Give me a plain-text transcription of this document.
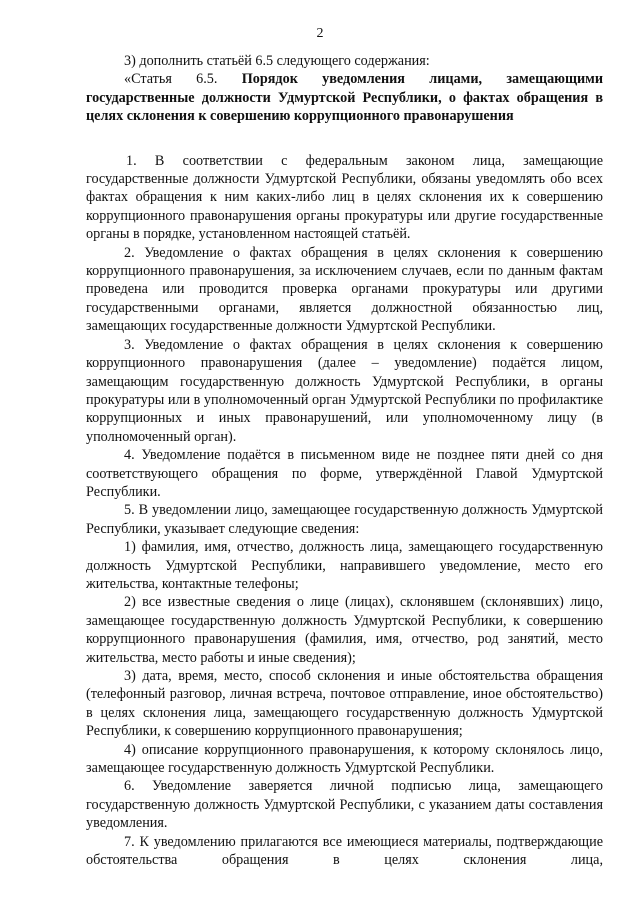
2

3) дополнить статьёй 6.5 следующего содержания:

«Статья 6.5. Порядок уведомления лицами, замещающими государственные должности Удмуртской Республики, о фактах обращения в целях склонения к совершению коррупционного правонарушения

1. В соответствии с федеральным законом лица, замещающие государственные должности Удмуртской Республики, обязаны уведомлять обо всех фактах обращения к ним каких-либо лиц в целях склонения их к совершению коррупционного правонарушения органы прокуратуры или другие государственные органы в порядке, установленном настоящей статьёй.

2. Уведомление о фактах обращения в целях склонения к совершению коррупционного правонарушения, за исключением случаев, если по данным фактам проведена или проводится проверка органами прокуратуры или другими государственными органами, является должностной обязанностью лиц, замещающих государственные должности Удмуртской Республики.

3. Уведомление о фактах обращения в целях склонения к совершению коррупционного правонарушения (далее – уведомление) подаётся лицом, замещающим государственную должность Удмуртской Республики, в органы прокуратуры или в уполномоченный орган Удмуртской Республики по профилактике коррупционных и иных правонарушений, или уполномоченному лицу (в уполномоченный орган).

4. Уведомление подаётся в письменном виде не позднее пяти дней со дня соответствующего обращения по форме, утверждённой Главой Удмуртской Республики.

5. В уведомлении лицо, замещающее государственную должность Удмуртской Республики, указывает следующие сведения:

1) фамилия, имя, отчество, должность лица, замещающего государственную должность Удмуртской Республики, направившего уведомление, место его жительства, контактные телефоны;

2) все известные сведения о лице (лицах), склонявшем (склонявших) лицо, замещающее государственную должность Удмуртской Республики, к совершению коррупционного правонарушения (фамилия, имя, отчество, род занятий, место жительства, место работы и иные сведения);

3) дата, время, место, способ склонения и иные обстоятельства обращения (телефонный разговор, личная встреча, почтовое отправление, иное обстоятельство) в целях склонения лица, замещающего государственную должность Удмуртской Республики, к совершению коррупционного правонарушения;

4) описание коррупционного правонарушения, к которому склонялось лицо, замещающее государственную должность Удмуртской Республики.

6. Уведомление заверяется личной подписью лица, замещающего государственную должность Удмуртской Республики, с указанием даты составления уведомления.

7. К уведомлению прилагаются все имеющиеся материалы, подтверждающие обстоятельства обращения в целях склонения лица,
